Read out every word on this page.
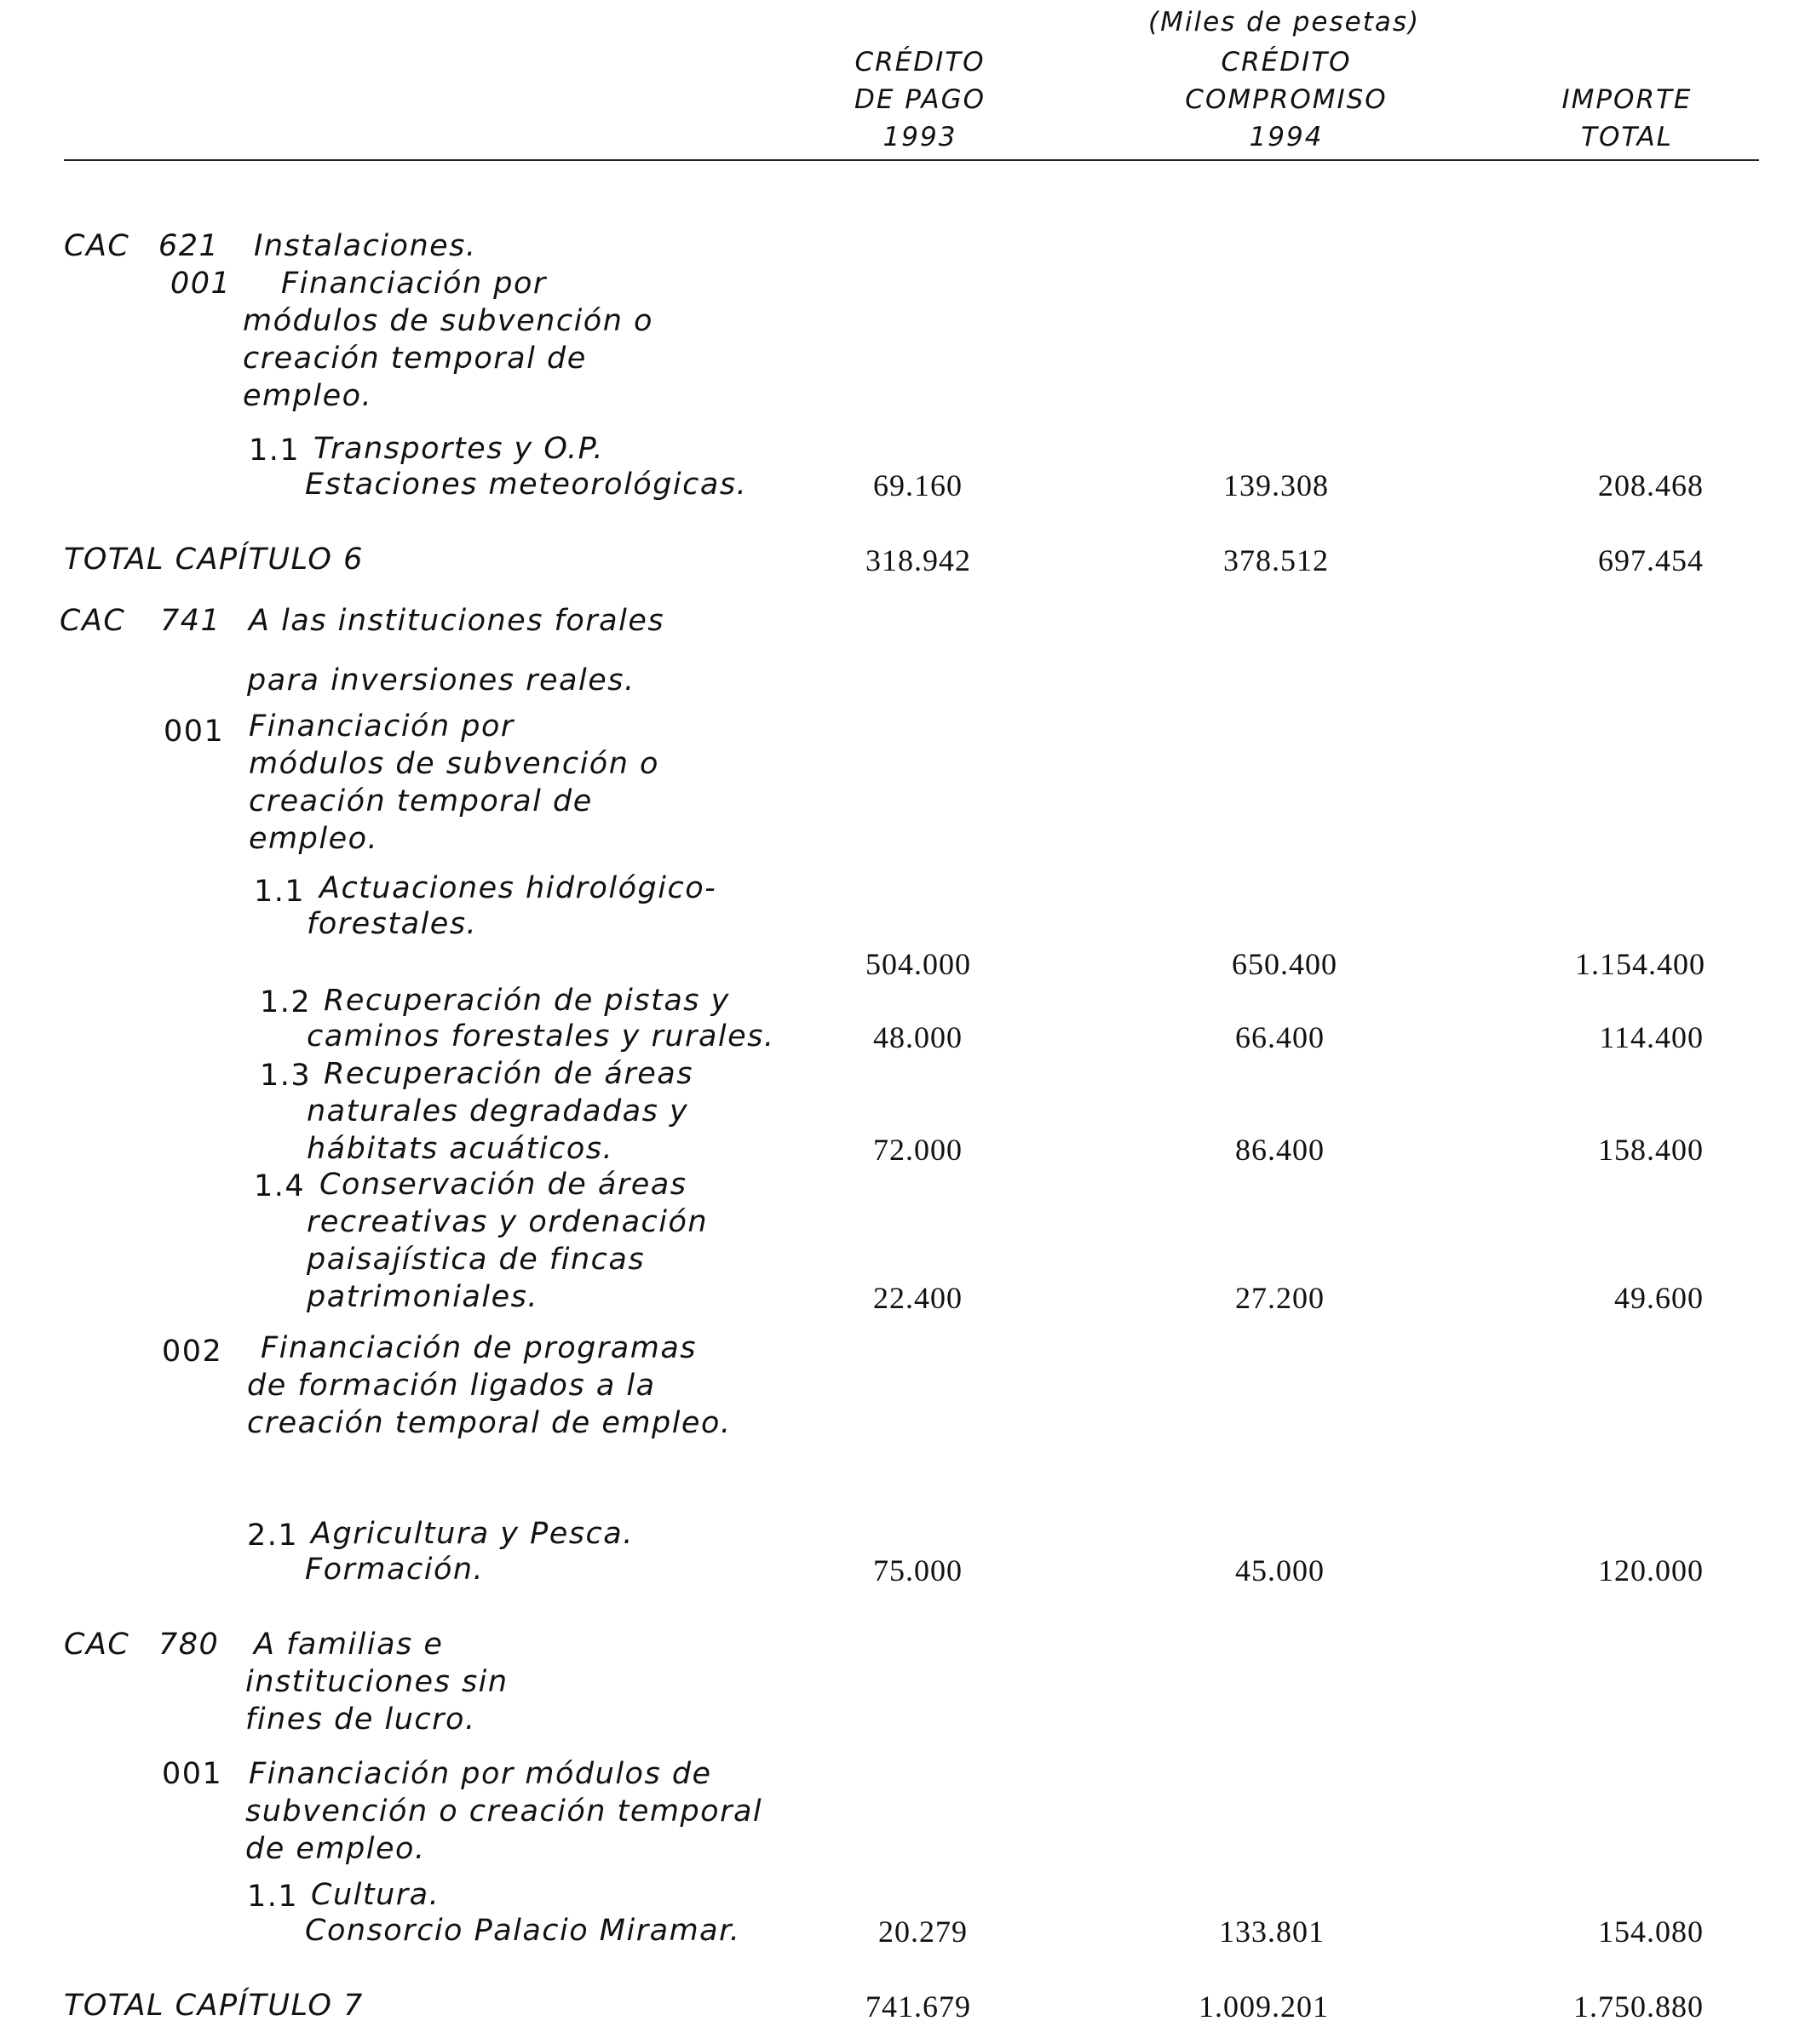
(Miles de pesetas)
CRÉDITO
DE PAGO
1993
CRÉDITO
COMPROMISO
1994
IMPORTE
TOTAL
CAC 621 Instalaciones.
001 Financiación por
módulos de subvención o
creación temporal de
empleo.
1.1 Transportes y O.P.
Estaciones meteorológicas.	69.160	139.308	208.468
TOTAL CAPÍTULO 6	318.942	378.512	697.454
CAC 741 A las instituciones forales
para inversiones reales.
001 Financiación por
módulos de subvención o
creación temporal de
empleo.
1.1 Actuaciones hidrológico-
forestales.
504.000	650.400	1.154.400
1.2 Recuperación de pistas y
caminos forestales y rurales.	48.000	66.400	114.400
1.3 Recuperación de áreas
naturales degradadas y
hábitats acuáticos.	72.000	86.400	158.400
1.4 Conservación de áreas
recreativas y ordenación
paisajística de fincas
patrimoniales.	22.400	27.200	49.600
002 Financiación de programas
de formación ligados a la
creación temporal de empleo.
2.1 Agricultura y Pesca.
Formación.	75.000	45.000	120.000
CAC 780 A familias e
instituciones sin
fines de lucro.
001 Financiación por módulos de
subvención o creación temporal
de empleo.
1.1 Cultura.
Consorcio Palacio Miramar.	20.279	133.801	154.080
TOTAL CAPÍTULO 7	741.679	1.009.201	1.750.880
